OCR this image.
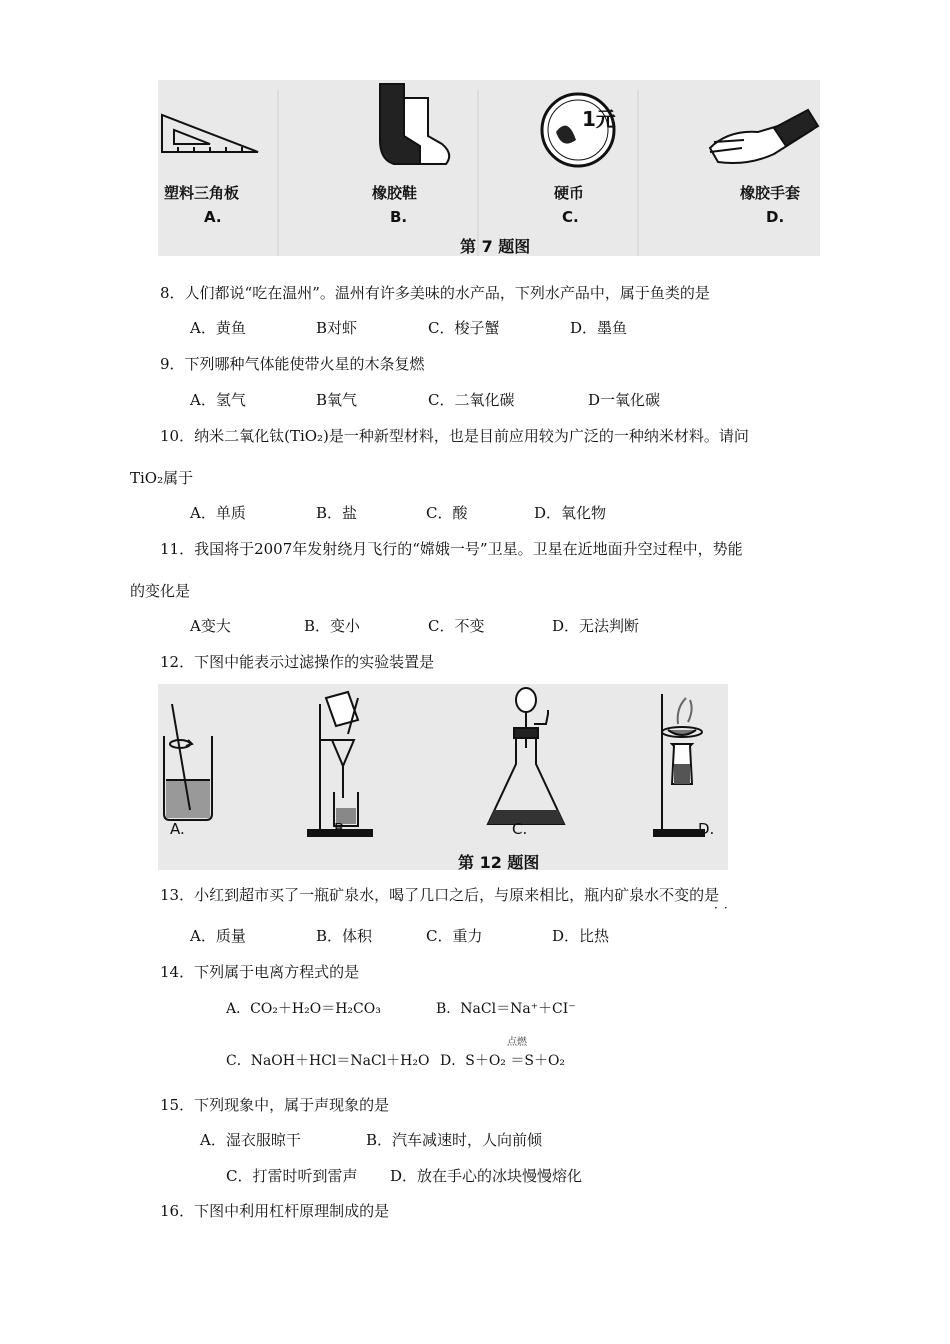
1元
塑料三角板
A.
橡胶鞋
B.
硬币
C.
橡胶手套
D.
第 7 题图
8．人们都说“吃在温州”。温州有许多美味的水产品，下列水产品中，属于鱼类的是
A．黄鱼	B对虾	C．梭子蟹	D．墨鱼
9．下列哪种气体能使带火星的木条复燃
A．氢气	B氧气	C．二氧化碳	D一氧化碳
10．纳米二氧化钛(TiO₂)是一种新型材料，也是目前应用较为广泛的一种纳米材料。请问
TiO₂属于
A．单质	B．盐	C．酸	D．氧化物
11．我国将于2007年发射绕月飞行的“嫦娥一号”卫星。卫星在近地面升空过程中，势能
的变化是
A变大	B．变小	C．不变	D．无法判断
12．下图中能表示过滤操作的实验装置是
A.	B.	C.	D.
第 12 题图
13．小红到超市买了一瓶矿泉水，喝了几口之后，与原来相比，瓶内矿泉水不变的是
··
A．质量	B．体积	C．重力	D．比热
14．下列属于电离方程式的是
A．CO₂＋H₂O＝H₂CO₃	B．NaCl＝Na⁺＋CI⁻
点燃
C．NaOH＋HCl＝NaCl＋H₂O D．S＋O₂ ＝S＋O₂
15．下列现象中，属于声现象的是
A．湿衣服晾干	B．汽车减速时，人向前倾
C．打雷时听到雷声 D．放在手心的冰块慢慢熔化
16．下图中利用杠杆原理制成的是
